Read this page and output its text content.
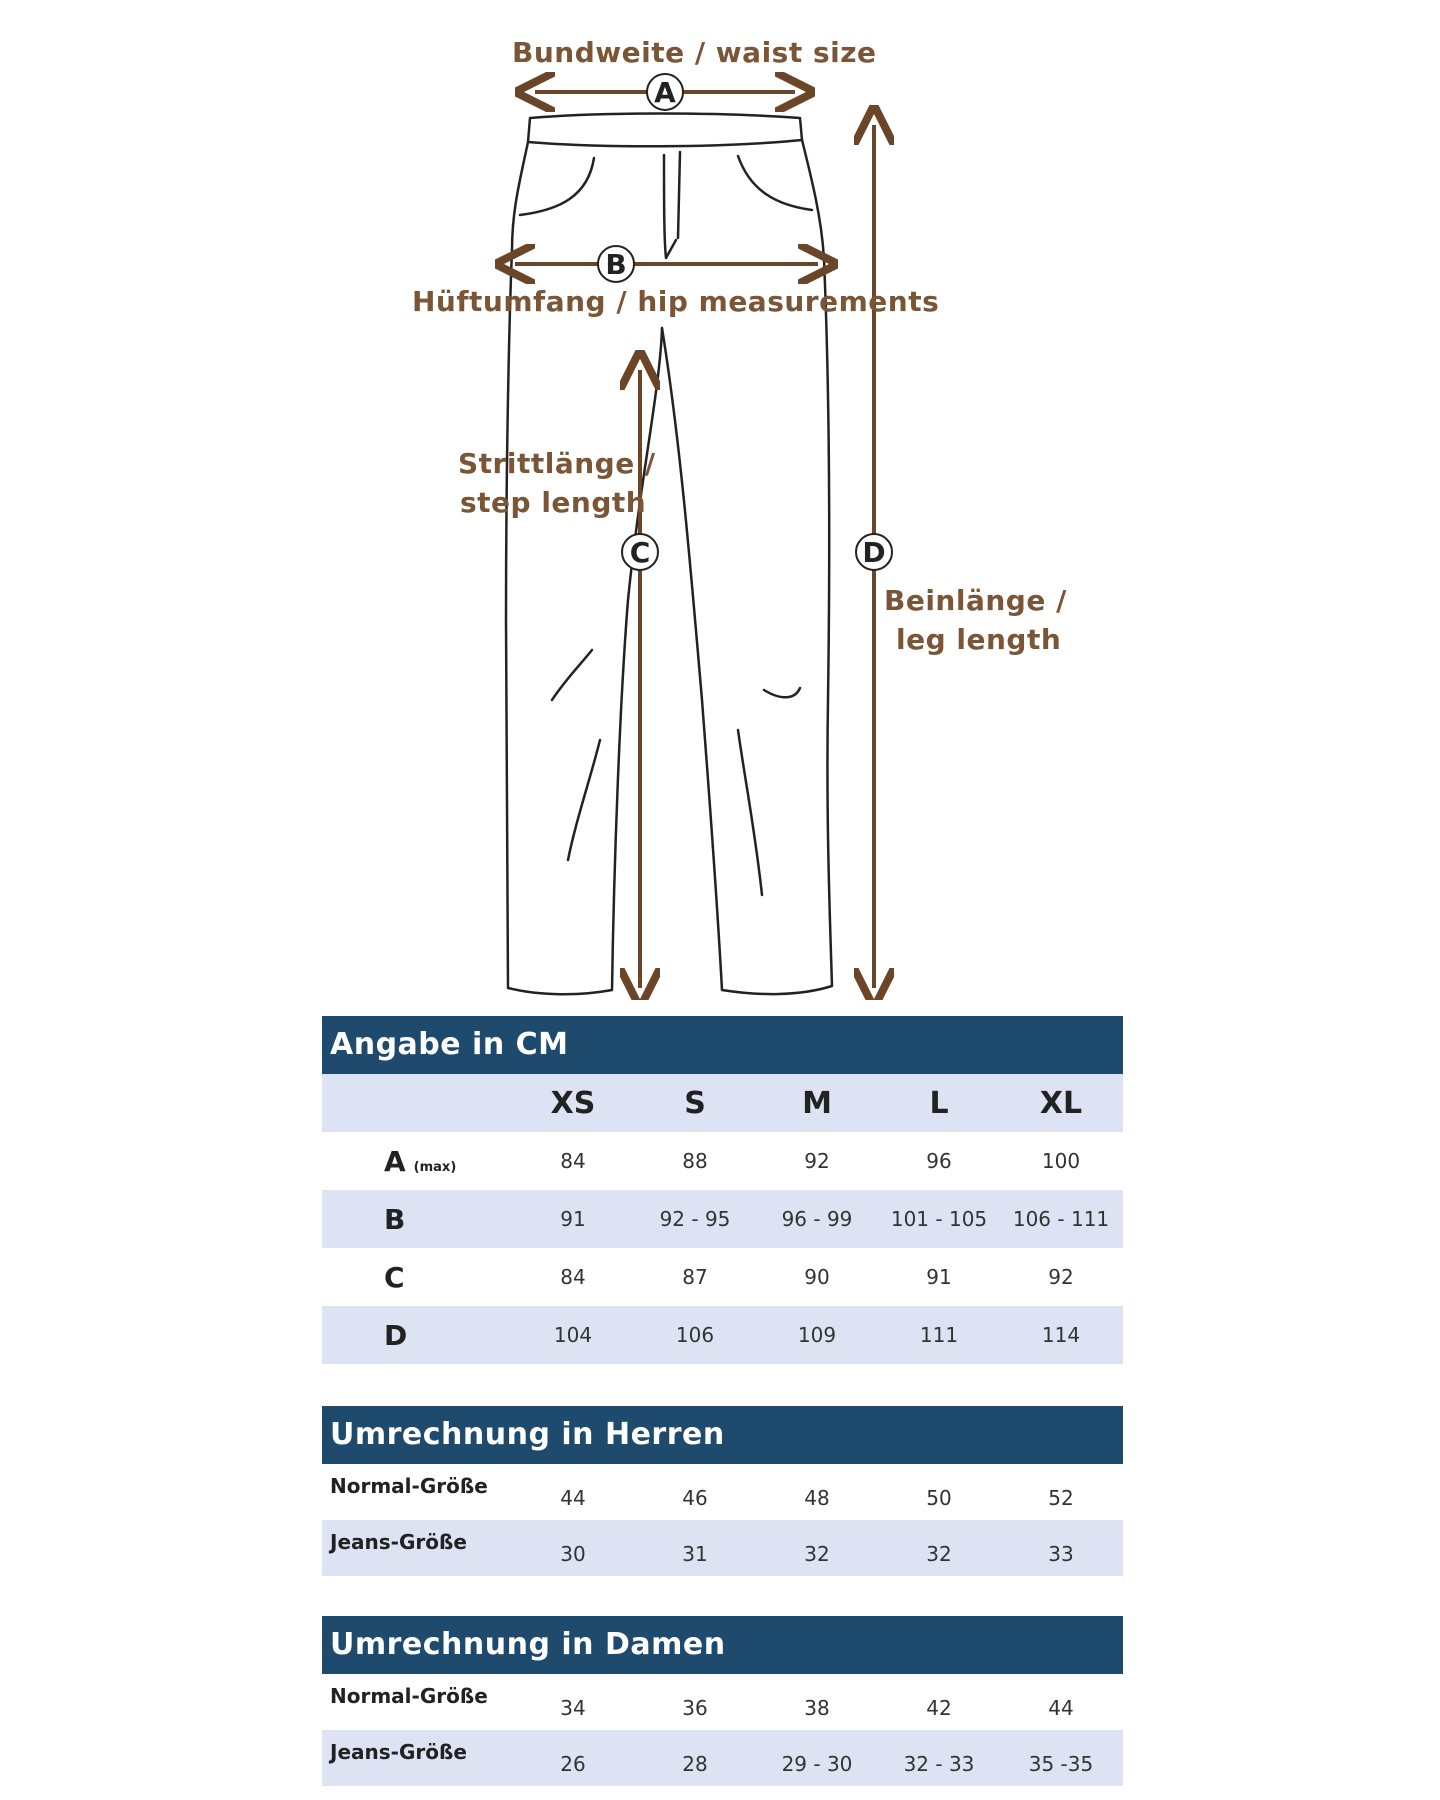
A
B
C	D
Bundweite / waist size
Hüftumfang / hip measurements
Strittlänge /
step length
Beinlänge /
leg length
Angabe in CM
XS	S	M	L	XL
A (max)	84	88	92	96	100
B	91	92 - 95	96 - 99	101 - 105	106 - 111
C	84	87	90	91	92
D	104	106	109	111	114
Umrechnung in Herren
Normal-Größe	44	46	48	50	52
Jeans-Größe	30	31	32	32	33
Umrechnung in Damen
Normal-Größe	34	36	38	42	44
Jeans-Größe	26	28	29 - 30	32 - 33	35 -35
